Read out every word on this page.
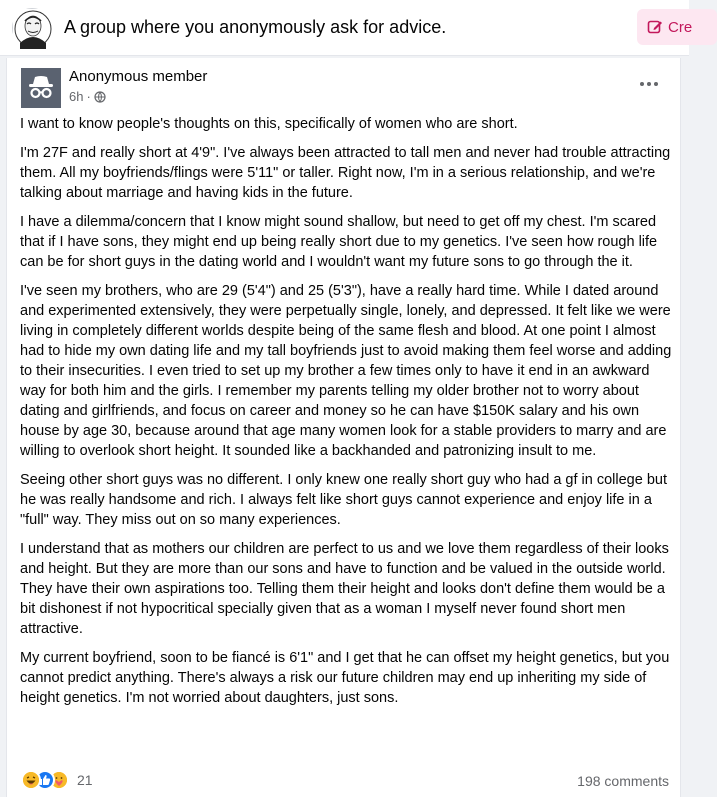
A group where you anonymously ask for advice.	Cre
Anonymous member
6h ·

I want to know people's thoughts on this, specifically of women who are short.

I'm 27F and really short at 4'9". I've always been attracted to tall men and never had trouble attracting them. All my boyfriends/flings were 5'11" or taller. Right now, I'm in a serious relationship, and we're talking about marriage and having kids in the future.

I have a dilemma/concern that I know might sound shallow, but need to get off my chest. I'm scared that if I have sons, they might end up being really short due to my genetics. I've seen how rough life can be for short guys in the dating world and I wouldn't want my future sons to go through the it.

I've seen my brothers, who are 29 (5'4") and 25 (5'3"), have a really hard time. While I dated around and experimented extensively, they were perpetually single, lonely, and depressed. It felt like we were living in completely different worlds despite being of the same flesh and blood. At one point I almost had to hide my own dating life and my tall boyfriends just to avoid making them feel worse and adding to their insecurities. I even tried to set up my brother a few times only to have it end in an awkward way for both him and the girls. I remember my parents telling my older brother not to worry about dating and girlfriends, and focus on career and money so he can have $150K salary and his own house by age 30, because around that age many women look for a stable providers to marry and are willing to overlook short height. It sounded like a backhanded and patronizing insult to me.

Seeing other short guys was no different. I only knew one really short guy who had a gf in college but he was really handsome and rich. I always felt like short guys cannot experience and enjoy life in a "full" way. They miss out on so many experiences.

I understand that as mothers our children are perfect to us and we love them regardless of their looks and height. But they are more than our sons and have to function and be valued in the outside world. They have their own aspirations too. Telling them their height and looks don't define them would be a bit dishonest if not hypocritical specially given that as a woman I myself never found short men attractive.

My current boyfriend, soon to be fiancé is 6'1" and I get that he can offset my height genetics, but you cannot predict anything. There's always a risk our future children may end up inheriting my side of height genetics. I'm not worried about daughters, just sons.

21	198 comments
